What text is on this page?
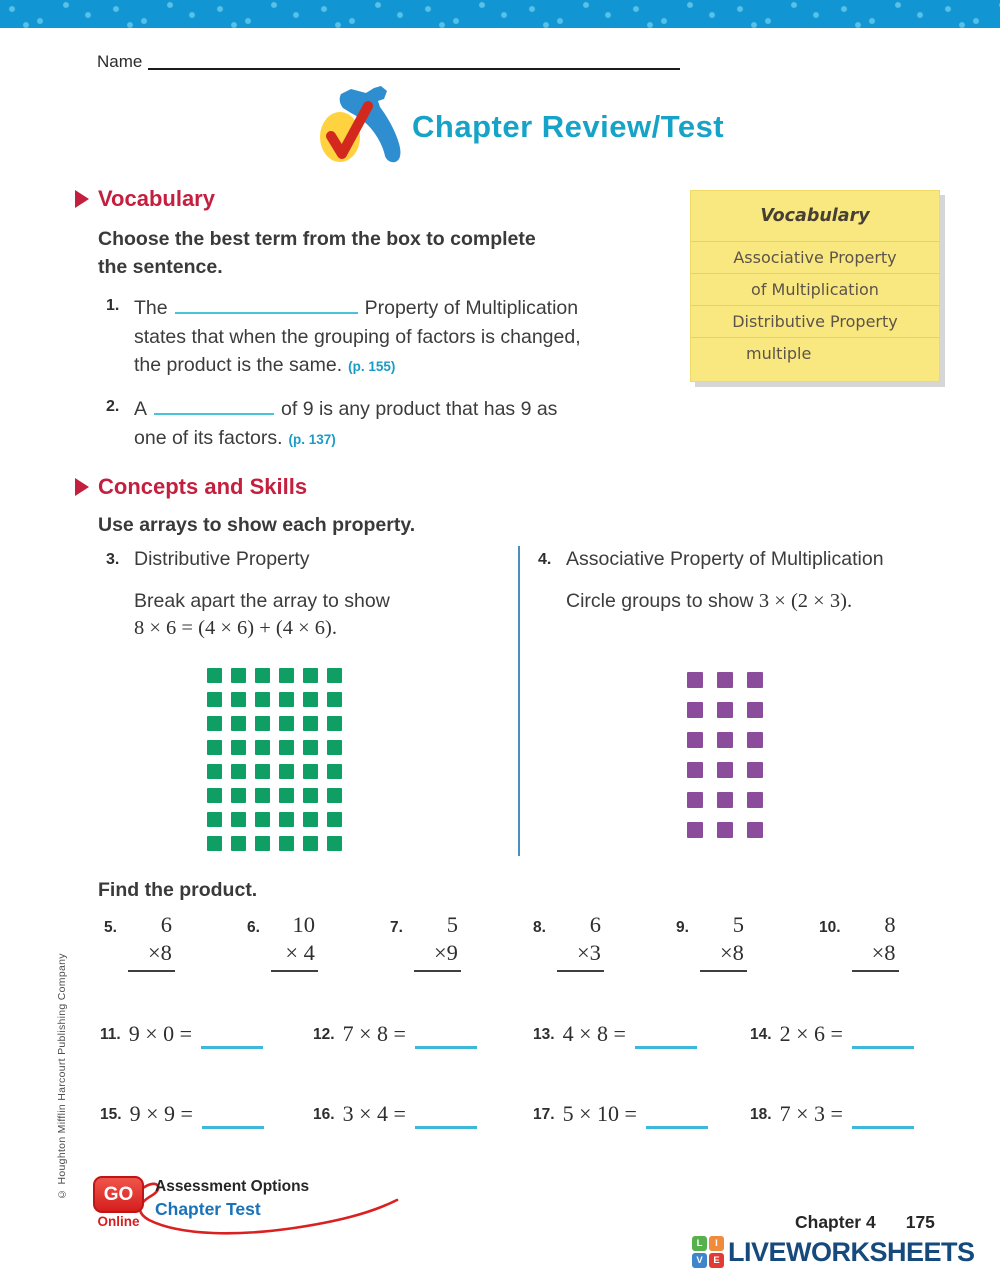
Name
Chapter Review/Test
Vocabulary
Choose the best term from the box to complete
the sentence.
1. The	Property of Multiplication
states that when the grouping of factors is changed,
the product is the same. (p. 155)
2. A	of 9 is any product that has 9 as
one of its factors. (p. 137)
Vocabulary
Associative Property
of Multiplication
Distributive Property
multiple
Concepts and Skills
Use arrays to show each property.
3. Distributive Property
Break apart the array to show
8 × 6 = (4 × 6) + (4 × 6).
4. Associative Property of Multiplication
Circle groups to show 3 × (2 × 3).
Find the product.
5.	6
×8
6.	10
× 4
7.	5
×9
8.	6
×3
9.	5
×8
10.	8
×8
11. 9 × 0 =	12. 7 × 8 =	13. 4 × 8 =	14. 2 × 6 =
15. 9 × 9 =	16. 3 × 4 =	17. 5 × 10 =	18. 7 × 3 =
© Houghton Mifflin Harcourt Publishing Company	GO
Online
Assessment Options
Chapter Test
Chapter 4 175
L	I
V	E LIVEWORKSHEETS
